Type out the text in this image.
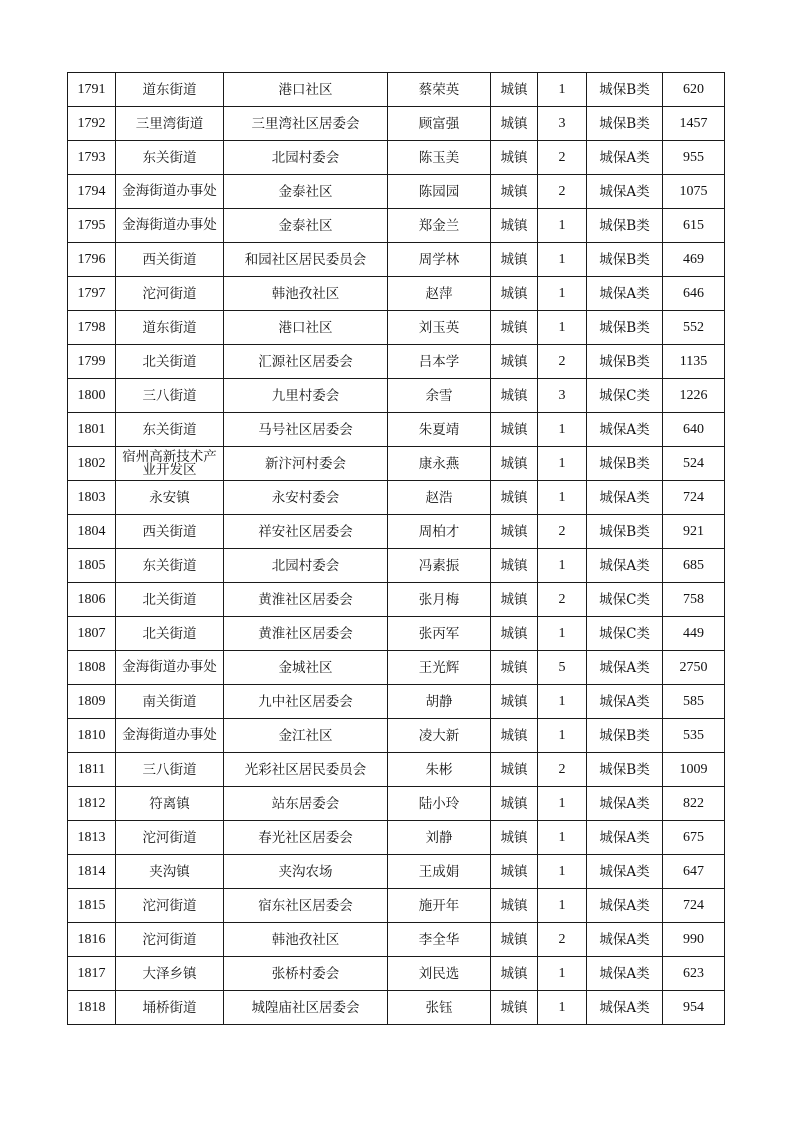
1791	道东街道	港口社区	蔡荣英	城镇	1	城保B类	620
1792	三里湾街道	三里湾社区居委会	顾富强	城镇	3	城保B类	1457
1793	东关街道	北园村委会	陈玉美	城镇	2	城保A类	955
1794	金海街道办事处	金泰社区	陈园园	城镇	2	城保A类	1075
1795	金海街道办事处	金泰社区	郑金兰	城镇	1	城保B类	615
1796	西关街道	和园社区居民委员会	周学林	城镇	1	城保B类	469
1797	沱河街道	韩池孜社区	赵萍	城镇	1	城保A类	646
1798	道东街道	港口社区	刘玉英	城镇	1	城保B类	552
1799	北关街道	汇源社区居委会	吕本学	城镇	2	城保B类	1135
1800	三八街道	九里村委会	余雪	城镇	3	城保C类	1226
1801	东关街道	马号社区居委会	朱夏靖	城镇	1	城保A类	640
1802	宿州高新技术产业开发区	新汴河村委会	康永燕	城镇	1	城保B类	524
1803	永安镇	永安村委会	赵浩	城镇	1	城保A类	724
1804	西关街道	祥安社区居委会	周柏才	城镇	2	城保B类	921
1805	东关街道	北园村委会	冯素振	城镇	1	城保A类	685
1806	北关街道	黄淮社区居委会	张月梅	城镇	2	城保C类	758
1807	北关街道	黄淮社区居委会	张丙军	城镇	1	城保C类	449
1808	金海街道办事处	金城社区	王光辉	城镇	5	城保A类	2750
1809	南关街道	九中社区居委会	胡静	城镇	1	城保A类	585
1810	金海街道办事处	金江社区	凌大新	城镇	1	城保B类	535
1811	三八街道	光彩社区居民委员会	朱彬	城镇	2	城保B类	1009
1812	符离镇	站东居委会	陆小玲	城镇	1	城保A类	822
1813	沱河街道	春光社区居委会	刘静	城镇	1	城保A类	675
1814	夹沟镇	夹沟农场	王成娟	城镇	1	城保A类	647
1815	沱河街道	宿东社区居委会	施开年	城镇	1	城保A类	724
1816	沱河街道	韩池孜社区	李全华	城镇	2	城保A类	990
1817	大泽乡镇	张桥村委会	刘民选	城镇	1	城保A类	623
1818	埇桥街道	城隍庙社区居委会	张钰	城镇	1	城保A类	954
